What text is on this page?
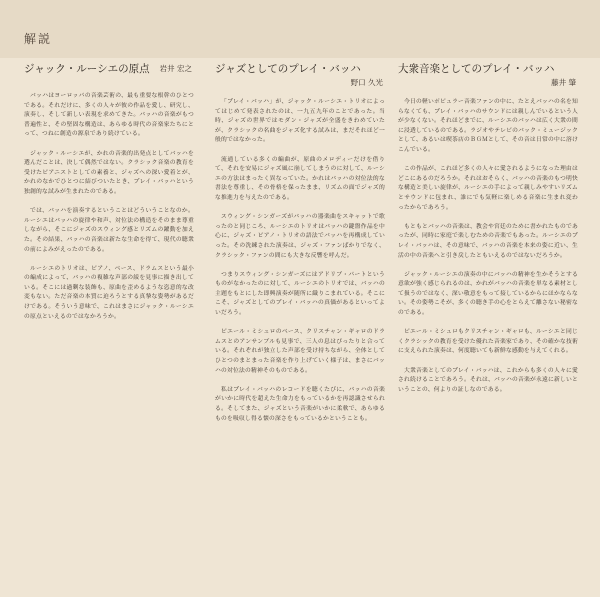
解説
ジャック・ルーシエの原点	岩井 宏之

バッハはヨーロッパの音楽芸術の、最も重要な根幹のひとつである。それだけに、多くの人々が彼の作品を愛し、研究し、演奏し、そして新しい表現を求めてきた。バッハの音楽がもつ普遍性と、その堅固な構造は、あらゆる時代の音楽家たちにとって、つねに創造の源泉であり続けている。

ジャック・ルーシエが、かれの音楽的出発点としてバッハを選んだことは、決して偶然ではない。クラシック音楽の教育を受けたピアニストとしての素養と、ジャズへの深い愛着とが、かれのなかでひとつに結びついたとき、プレイ・バッハという独創的な試みが生まれたのである。

では、バッハを演奏するということはどういうことなのか。ルーシエはバッハの旋律や和声、対位法の構造をそのまま尊重しながら、そこにジャズのスウィング感とリズムの躍動を加えた。その結果、バッハの音楽は新たな生命を得て、現代の聴衆の前によみがえったのである。

ルーシエのトリオは、ピアノ、ベース、ドラムスという最小の編成によって、バッハの複雑な声部の綾を見事に描き出している。そこには過剰な装飾も、原曲を歪めるような恣意的な改変もない。ただ音楽の本質に迫ろうとする真摯な姿勢があるだけである。そういう意味で、これはまさにジャック・ルーシエの原点といえるのではなかろうか。

ジャズとしてのプレイ・バッハ
野口 久光

「プレイ・バッハ」が、ジャック・ルーシエ・トリオによってはじめて発表されたのは、一九五九年のことであった。当時、ジャズの世界ではモダン・ジャズが全盛をきわめていたが、クラシックの名曲をジャズ化する試みは、まだそれほど一般的ではなかった。

流通している多くの編曲が、原曲のメロディーだけを借りて、それを安易にジャズ風に崩してしまうのに対して、ルーシエの方法はまったく異なっていた。かれはバッハの対位法的な書法を尊重し、その骨格を保ったまま、リズムの面でジャズ的な推進力を与えたのである。

スウィング・シンガーズがバッハの器楽曲をスキャットで歌ったのと同じころ、ルーシエのトリオはバッハの鍵盤作品を中心に、ジャズ・ピアノ・トリオの語法でバッハを再構成していった。その洗練された演奏は、ジャズ・ファンばかりでなく、クラシック・ファンの間にも大きな反響を呼んだ。

つまりスウィング・シンガーズにはアドリブ・パートというものがなかったのに対して、ルーシエのトリオでは、バッハの主題をもとにした即興演奏が随所に織りこまれている。そこにこそ、ジャズとしてのプレイ・バッハの真価があるといってよいだろう。

ピエール・ミシュロのベース、クリスチャン・ギャロのドラムスとのアンサンブルも見事で、三人の息はぴったりと合っている。それぞれが独立した声部を受け持ちながら、全体としてひとつのまとまった音楽を作り上げていく様子は、まさにバッハの対位法の精神そのものである。

私はプレイ・バッハのレコードを聴くたびに、バッハの音楽がいかに時代を超えた生命力をもっているかを再認識させられる。そしてまた、ジャズという音楽がいかに柔軟で、あらゆるものを吸収し得る懐の深さをもっているかということも。

大衆音楽としてのプレイ・バッハ
藤井 肇

今日の軽いポピュラー音楽ファンの中に、たとえバッハの名を知らなくても、プレイ・バッハのサウンドには親しんでいるという人が少なくない。それほどまでに、ルーシエのバッハは広く大衆の間に浸透しているのである。ラジオやテレビのバック・ミュージックとして、あるいは喫茶店のＢＧＭとして、その音は日常の中に溶けこんでいる。

この作品が、これほど多くの人々に愛されるようになった理由はどこにあるのだろうか。それはおそらく、バッハの音楽のもつ明快な構造と美しい旋律が、ルーシエの手によって親しみやすいリズムとサウンドに包まれ、誰にでも気軽に楽しめる音楽に生まれ変わったからであろう。

もともとバッハの音楽は、教会や宮廷のために書かれたものであったが、同時に家庭で楽しむための音楽でもあった。ルーシエのプレイ・バッハは、その意味で、バッハの音楽を本来の姿に近い、生活の中の音楽へと引き戻したともいえるのではないだろうか。

ジャック・ルーシエの演奏の中にバッハの精神を生かそうとする意欲が強く感じられるのは、かれがバッハの音楽を単なる素材として扱うのではなく、深い敬意をもって接しているからにほかならない。その姿勢こそが、多くの聴き手の心をとらえて離さない秘密なのである。

ピエール・ミシュロもクリスチャン・ギャロも、ルーシエと同じくクラシックの教育を受けた優れた音楽家であり、その確かな技術に支えられた演奏は、何度聴いても新鮮な感動を与えてくれる。

大衆音楽としてのプレイ・バッハは、これからも多くの人々に愛され続けることであろう。それは、バッハの音楽が永遠に新しいということの、何よりの証しなのである。
